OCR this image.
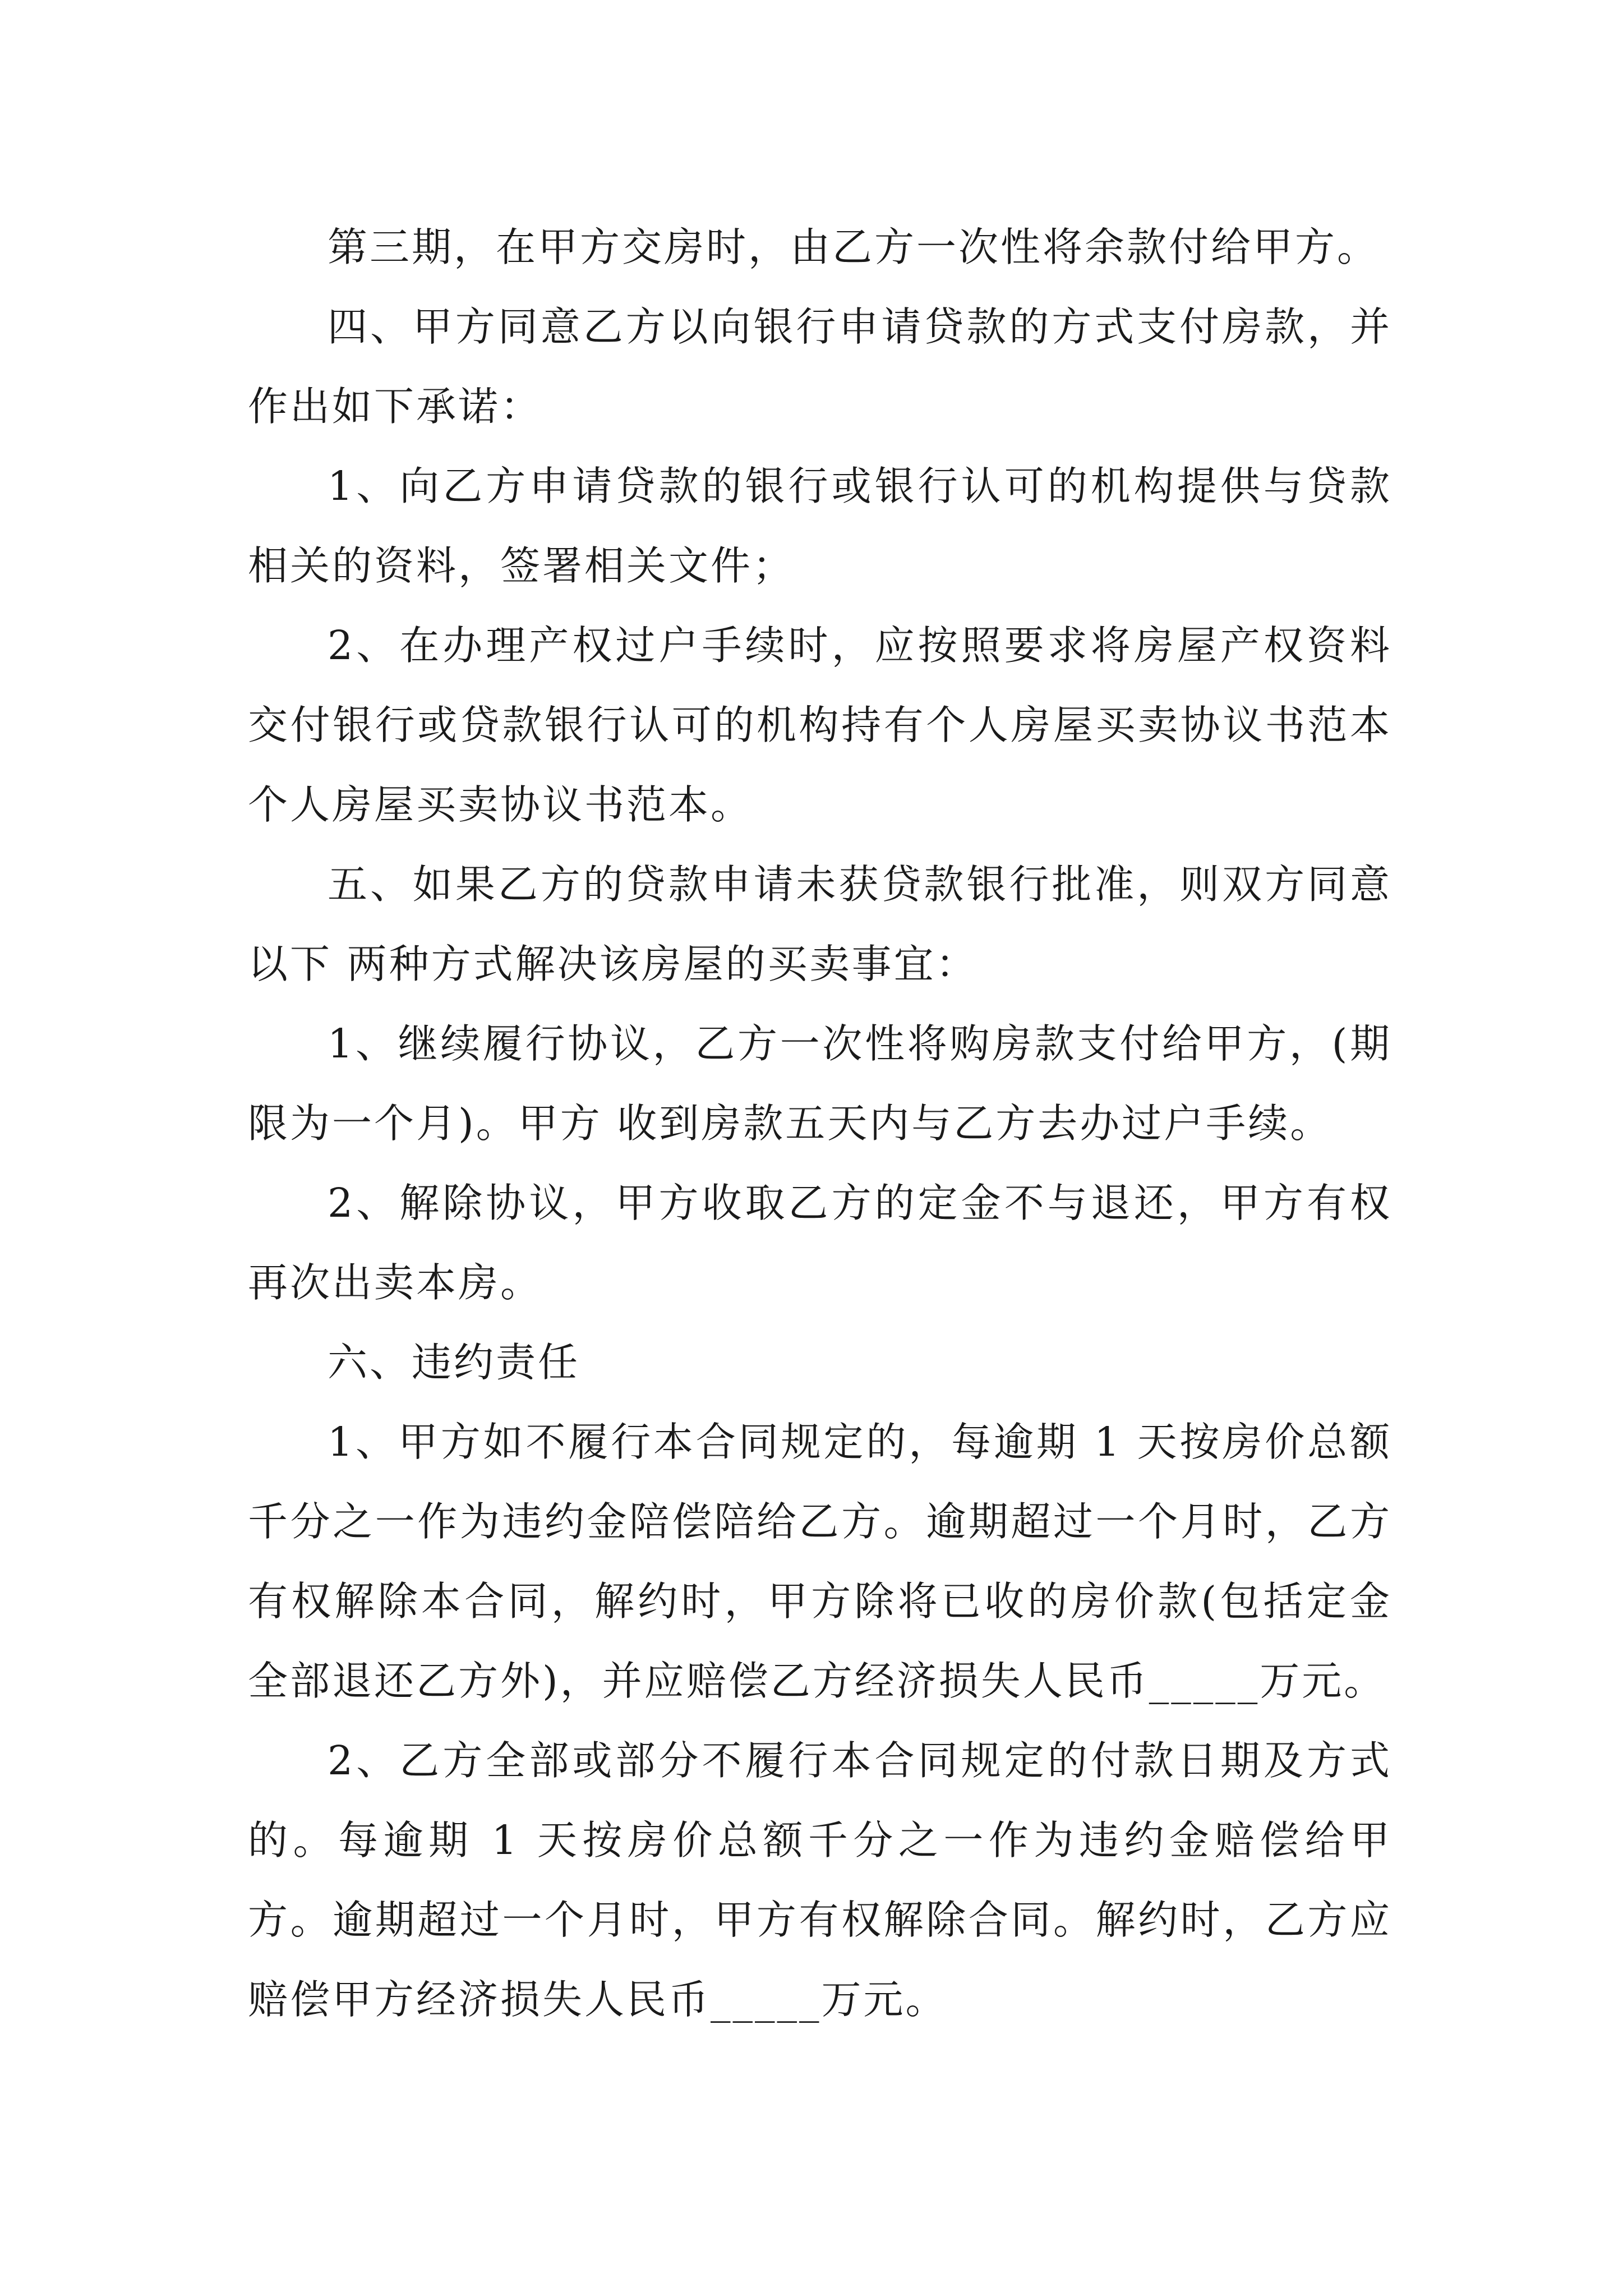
第三期，在甲方交房时，由乙方一次性将余款付给甲方。

四、甲方同意乙方以向银行申请贷款的方式支付房款，并作出如下承诺：

1、向乙方申请贷款的银行或银行认可的机构提供与贷款相关的资料，签署相关文件；

2、在办理产权过户手续时，应按照要求将房屋产权资料交付银行或贷款银行认可的机构持有个人房屋买卖协议书范本个人房屋买卖协议书范本。

五、如果乙方的贷款申请未获贷款银行批准，则双方同意以下 两种方式解决该房屋的买卖事宜：

1、继续履行协议，乙方一次性将购房款支付给甲方，(期限为一个月)。甲方 收到房款五天内与乙方去办过户手续。

2、解除协议，甲方收取乙方的定金不与退还，甲方有权再次出卖本房。

六、违约责任

1、甲方如不履行本合同规定的，每逾期 1 天按房价总额千分之一作为违约金陪偿陪给乙方。逾期超过一个月时，乙方有权解除本合同，解约时，甲方除将已收的房价款(包括定金全部退还乙方外)，并应赔偿乙方经济损失人民币_____万元。

2、乙方全部或部分不履行本合同规定的付款日期及方式的。每逾期 1 天按房价总额千分之一作为违约金赔偿给甲方。逾期超过一个月时，甲方有权解除合同。解约时，乙方应赔偿甲方经济损失人民币_____万元。
